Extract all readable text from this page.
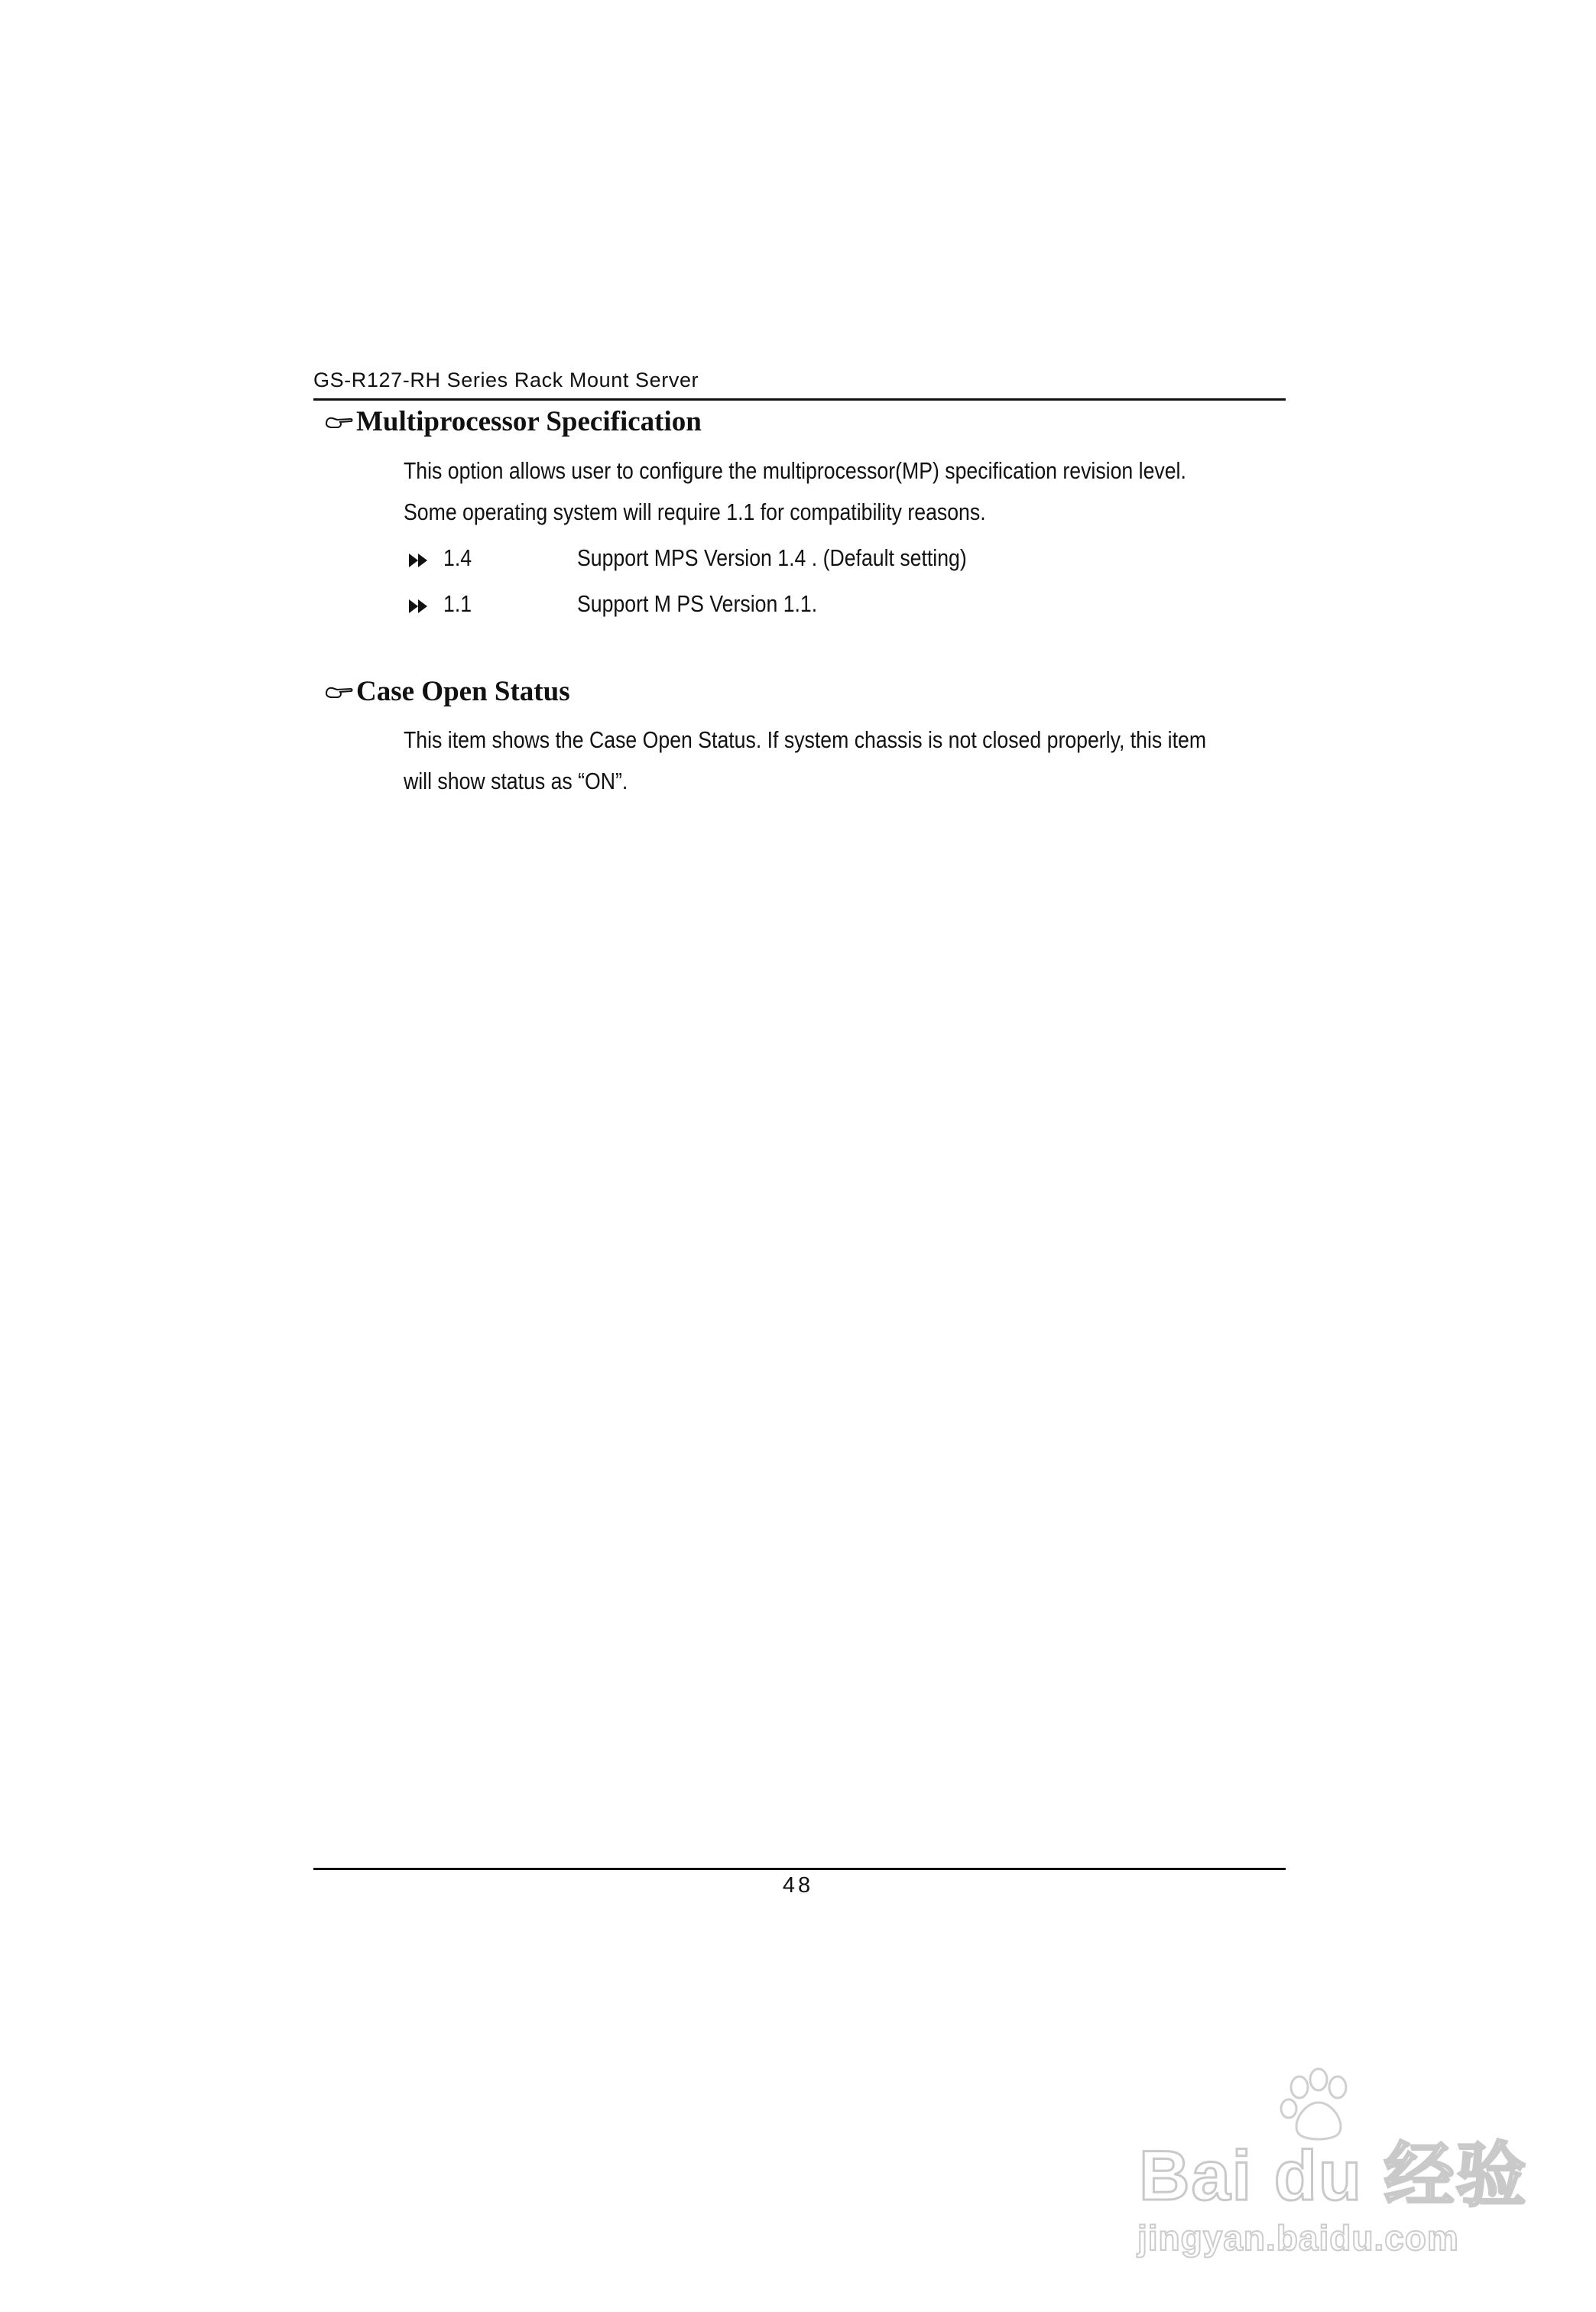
GS-R127-RH Series Rack Mount Server
Multiprocessor Specification
This option allows user to configure the multiprocessor(MP) specification revision level.
Some operating system will require 1.1 for compatibility reasons.
1.4	Support MPS Version 1.4 . (Default setting)
1.1	Support M PS Version 1.1.
Case Open Status
This item shows the Case Open Status. If system chassis is not closed properly, this item
will show status as “ON”.
48
Bai du 经验
jingyan.baidu.com
